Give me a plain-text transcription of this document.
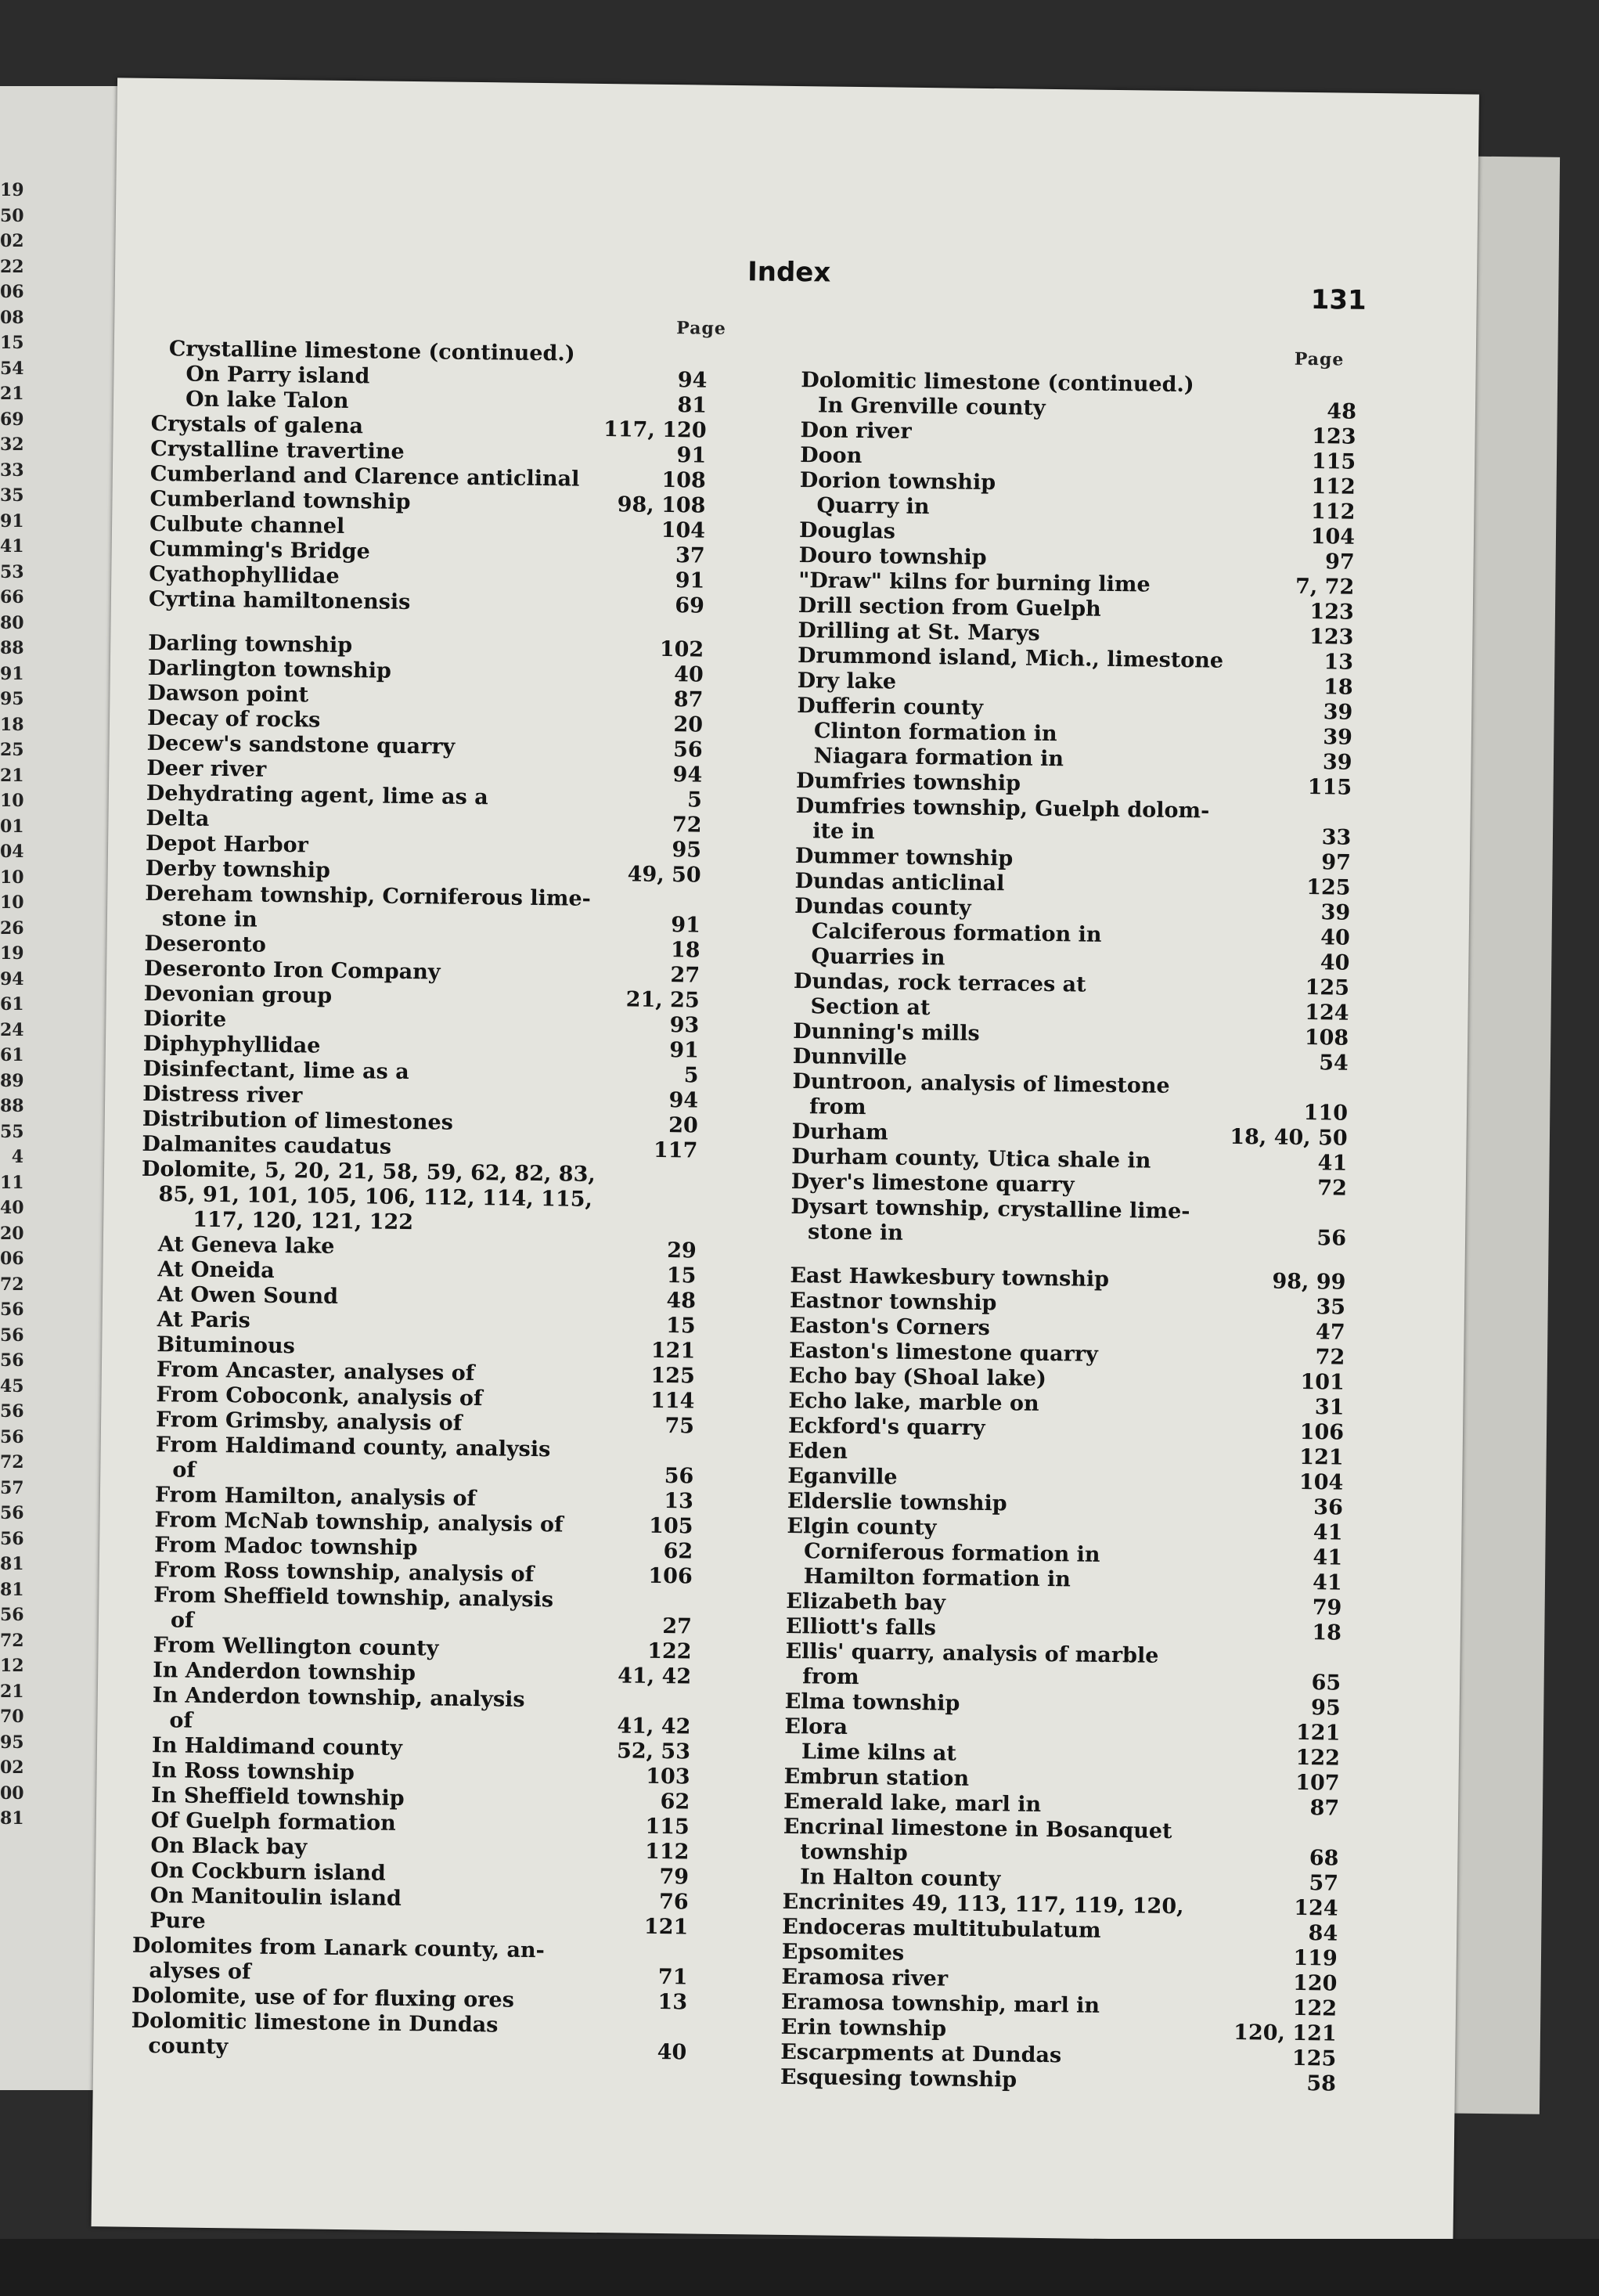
19
50
02
22
06
08
15
54
21
69
32
33
35
91
41
53
66
80
88
91
95
18
25
21
10
01
04
10
10
26
19
94
61
24
61
89
88
55
4
11
40
20
06
72
56
56
56
45
56
56
72
57
56
56
81
81
56
72
12
21
70
95
02
00
81
Index
131
Page
Page
Crystalline limestone (continued.)
On Parry island	94
On lake Talon	81
Crystals of galena	117, 120
Crystalline travertine	91
Cumberland and Clarence anticlinal	108
Cumberland township	98, 108
Culbute channel	104
Cumming's Bridge	37
Cyathophyllidae	91
Cyrtina hamiltonensis	69
Darling township	102
Darlington township	40
Dawson point	87
Decay of rocks	20
Decew's sandstone quarry	56
Deer river	94
Dehydrating agent, lime as a	5
Delta	72
Depot Harbor	95
Derby township	49, 50
Dereham township, Corniferous lime-
stone in	91
Deseronto	18
Deseronto Iron Company	27
Devonian group	21, 25
Diorite	93
Diphyphyllidae	91
Disinfectant, lime as a	5
Distress river	94
Distribution of limestones	20
Dalmanites caudatus	117
Dolomite, 5, 20, 21, 58, 59, 62, 82, 83,
85, 91, 101, 105, 106, 112, 114, 115,
117, 120, 121, 122
At Geneva lake	29
At Oneida	15
At Owen Sound	48
At Paris	15
Bituminous	121
From Ancaster, analyses of	125
From Coboconk, analysis of	114
From Grimsby, analysis of	75
From Haldimand county, analysis
of	56
From Hamilton, analysis of	13
From McNab township, analysis of	105
From Madoc township	62
From Ross township, analysis of	106
From Sheffield township, analysis
of	27
From Wellington county	122
In Anderdon township	41, 42
In Anderdon township, analysis
of	41, 42
In Haldimand county	52, 53
In Ross township	103
In Sheffield township	62
Of Guelph formation	115
On Black bay	112
On Cockburn island	79
On Manitoulin island	76
Pure	121
Dolomites from Lanark county, an-
alyses of	71
Dolomite, use of for fluxing ores	13
Dolomitic limestone in Dundas
county	40
Dolomitic limestone (continued.)
In Grenville county	48
Don river	123
Doon	115
Dorion township	112
Quarry in	112
Douglas	104
Douro township	97
"Draw" kilns for burning lime	7, 72
Drill section from Guelph	123
Drilling at St. Marys	123
Drummond island, Mich., limestone	13
Dry lake	18
Dufferin county	39
Clinton formation in	39
Niagara formation in	39
Dumfries township	115
Dumfries township, Guelph dolom-
ite in	33
Dummer township	97
Dundas anticlinal	125
Dundas county	39
Calciferous formation in	40
Quarries in	40
Dundas, rock terraces at	125
Section at	124
Dunning's mills	108
Dunnville	54
Duntroon, analysis of limestone
from	110
Durham	18, 40, 50
Durham county, Utica shale in	41
Dyer's limestone quarry	72
Dysart township, crystalline lime-
stone in	56
East Hawkesbury township	98, 99
Eastnor township	35
Easton's Corners	47
Easton's limestone quarry	72
Echo bay (Shoal lake)	101
Echo lake, marble on	31
Eckford's quarry	106
Eden	121
Eganville	104
Elderslie township	36
Elgin county	41
Corniferous formation in	41
Hamilton formation in	41
Elizabeth bay	79
Elliott's falls	18
Ellis' quarry, analysis of marble
from	65
Elma township	95
Elora	121
Lime kilns at	122
Embrun station	107
Emerald lake, marl in	87
Encrinal limestone in Bosanquet
township	68
In Halton county	57
Encrinites 49, 113, 117, 119, 120,	124
Endoceras multitubulatum	84
Epsomites	119
Eramosa river	120
Eramosa township, marl in	122
Erin township	120, 121
Escarpments at Dundas	125
Esquesing township	58
